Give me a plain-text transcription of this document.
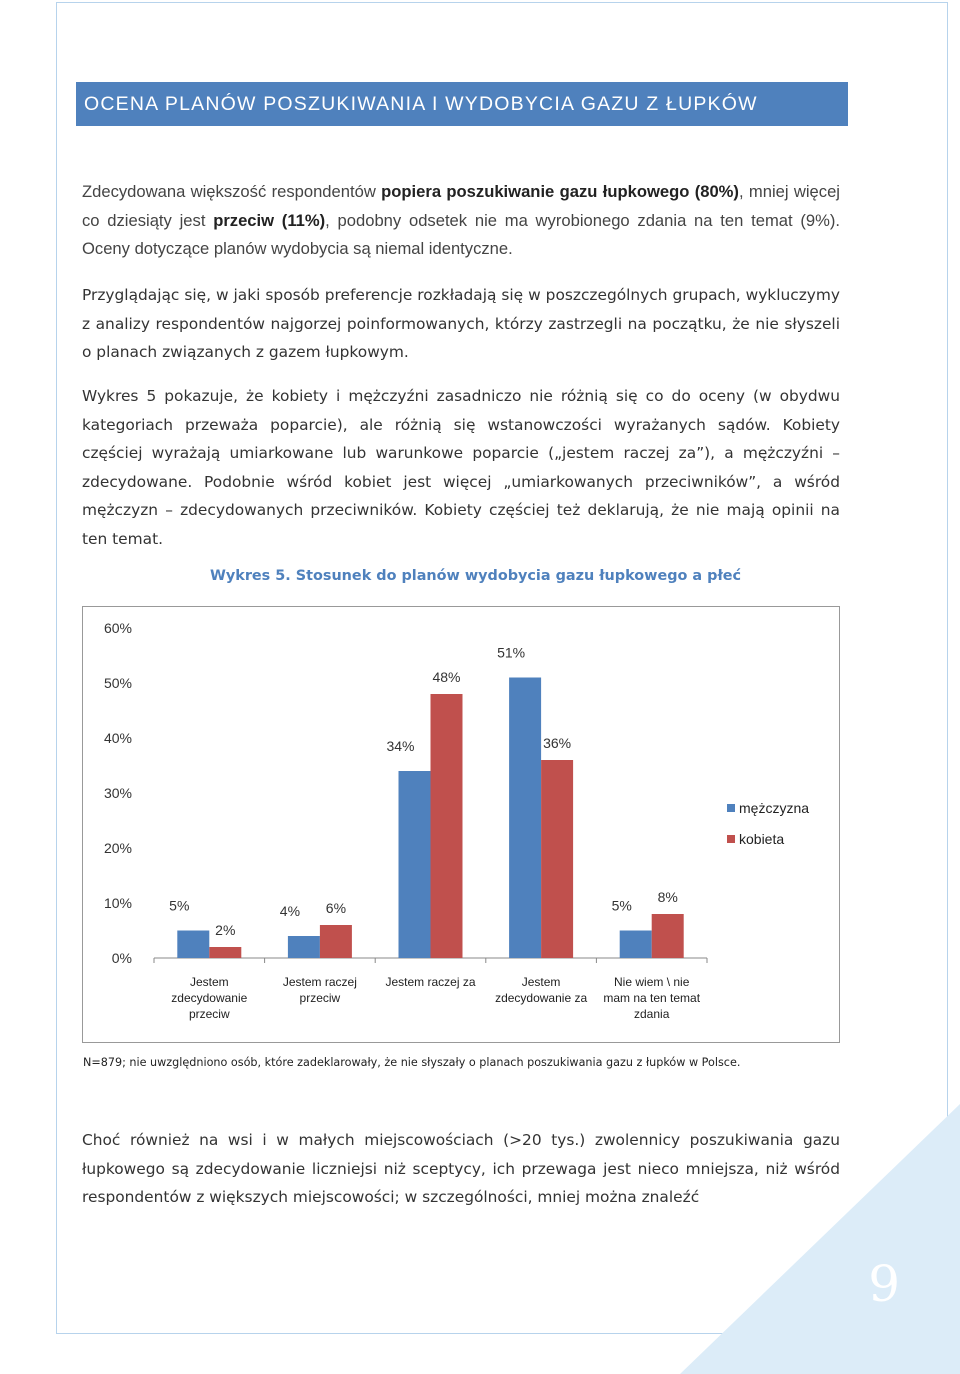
9
OCENA PLANÓW POSZUKIWANIA I WYDOBYCIA GAZU Z ŁUPKÓW
Zdecydowana większość respondentów popiera poszukiwanie gazu łupkowego (80%), mniej więcej co dziesiąty jest przeciw (11%), podobny odsetek nie ma wyrobionego zdania na ten temat (9%). Oceny dotyczące planów wydobycia są niemal identyczne.
Przyglądając się, w jaki sposób preferencje rozkładają się w poszczególnych grupach, wykluczymy z analizy respondentów najgorzej poinformowanych, którzy zastrzegli na początku, że nie słyszeli o planach związanych z gazem łupkowym.
Wykres 5 pokazuje, że kobiety i mężczyźni zasadniczo nie różnią się co do oceny (w obydwu kategoriach przeważa poparcie), ale różnią się wstanowczości wyrażanych sądów. Kobiety częściej wyrażają umiarkowane lub warunkowe poparcie („jestem raczej za”), a mężczyźni – zdecydowane. Podobnie wśród kobiet jest więcej „umiarkowanych przeciwników”, a wśród mężczyzn – zdecydowanych przeciwników. Kobiety częściej też deklarują, że nie mają opinii na ten temat.
Wykres 5. Stosunek do planów wydobycia gazu łupkowego a płeć
0%
10%
20%
30%
40%
50%
60%
5%	4%
34%
51%
5%
2%
6%
48%
36%
8%
Jestem
zdecydowanie
przeciw
Jestem raczej
przeciw
Jestem raczej za	Jestem
zdecydowanie za
Nie wiem \ nie
mam na ten temat
zdania
mężczyzna
kobieta
N=879; nie uwzględniono osób, które zadeklarowały, że nie słyszały o planach poszukiwania gazu z łupków w Polsce.
Choć również na wsi i w małych miejscowościach (>20 tys.) zwolennicy poszukiwania gazu łupkowego są zdecydowanie liczniejsi niż sceptycy, ich przewaga jest nieco mniejsza, niż wśród respondentów z większych miejscowości; w szczególności, mniej można znaleźć
